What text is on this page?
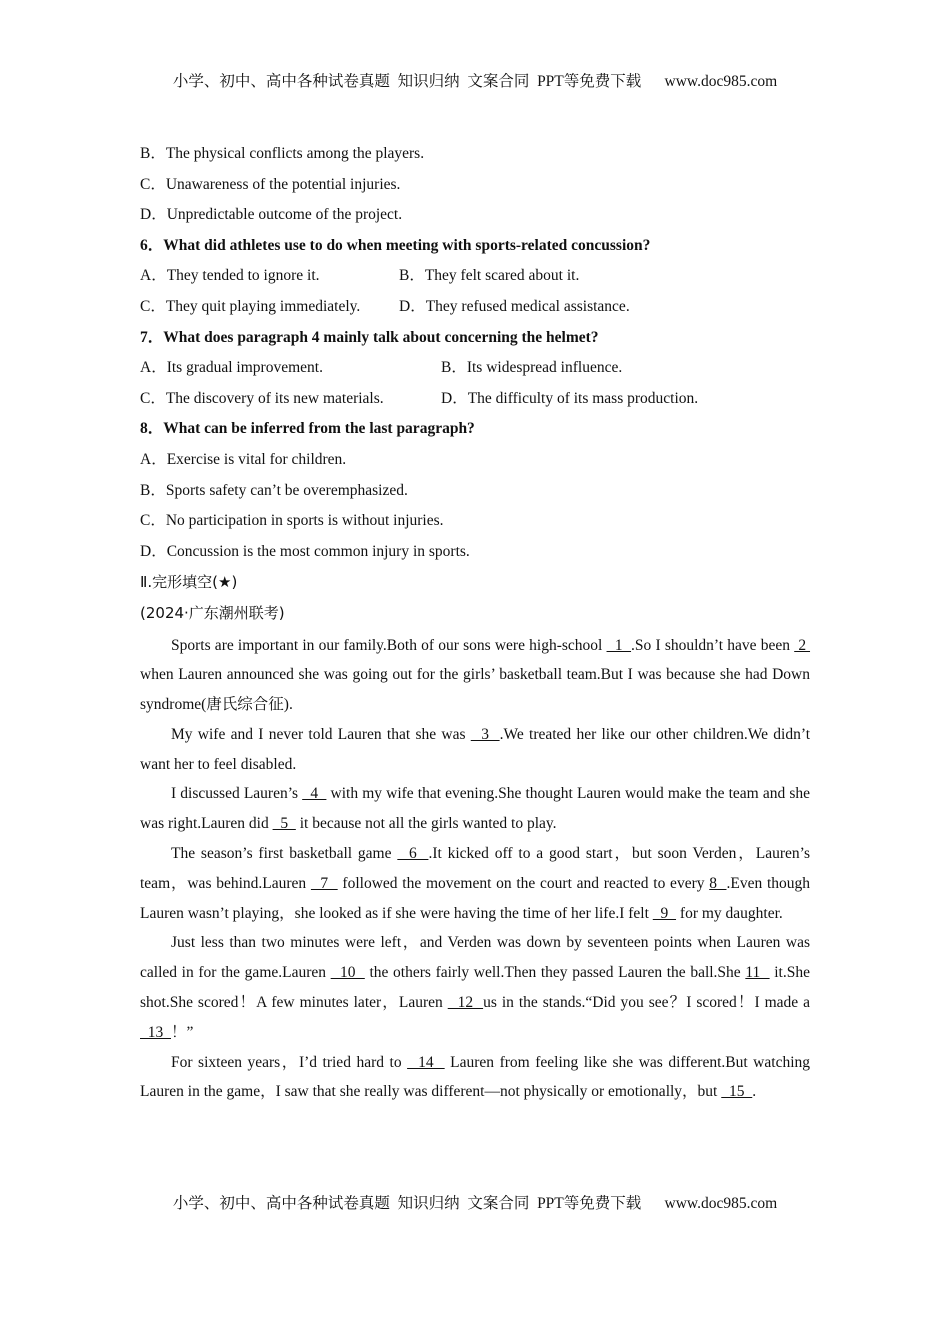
小学、初中、高中各种试卷真题  知识归纳  文案合同  PPT等免费下载      www.doc985.com
B．The physical conflicts among the players.
C．Unawareness of the potential injuries.
D．Unpredictable outcome of the project.
6．What did athletes use to do when meeting with sports-related concussion?
A．They tended to ignore it.	B．They felt scared about it.
C．They quit playing immediately. D．They refused medical assistance.
7．What does paragraph 4 mainly talk about concerning the helmet?
A．Its gradual improvement.	B．Its widespread influence.
C．The discovery of its new materials.	D．The difficulty of its mass production.
8．What can be inferred from the last paragraph?
A．Exercise is vital for children.
B．Sports safety can’t be overemphasized.
C．No participation in sports is without injuries.
D．Concussion is the most common injury in sports.
Ⅱ.完形填空(★)
(2024·广东潮州联考)

Sports are important in our family.Both of our sons were high-school   1  .So I shouldn’t have been  2  when Lauren announced she was going out for the girls’ basketball team.But I was because she had Down syndrome(唐氏综合征).

My wife and I never told Lauren that she was   3  .We treated her like our other children.We didn’t want her to feel disabled.

I discussed Lauren’s   4   with my wife that evening.She thought Lauren would make the team and she was right.Lauren did   5   it because not all the girls wanted to play.

The season’s first basketball game   6  .It kicked off to a good start，but soon Verden，Lauren’s team，was behind.Lauren   7   followed the movement on the court and reacted to every 8  .Even though Lauren wasn’t playing，she looked as if she were having the time of her life.I felt   9   for my daughter.

Just less than two minutes were left，and Verden was down by seventeen points when Lauren was called in for the game.Lauren   10   the others fairly well.Then they passed Lauren the ball.She 11   it.She shot.She scored！A few minutes later，Lauren   12  us in the stands.“Did you see？I scored！I made a   13  ！”

For sixteen years，I’d tried hard to   14   Lauren from feeling like she was different.But watching Lauren in the game，I saw that she really was different—not physically or emotionally，but   15  .

小学、初中、高中各种试卷真题  知识归纳  文案合同  PPT等免费下载      www.doc985.com
